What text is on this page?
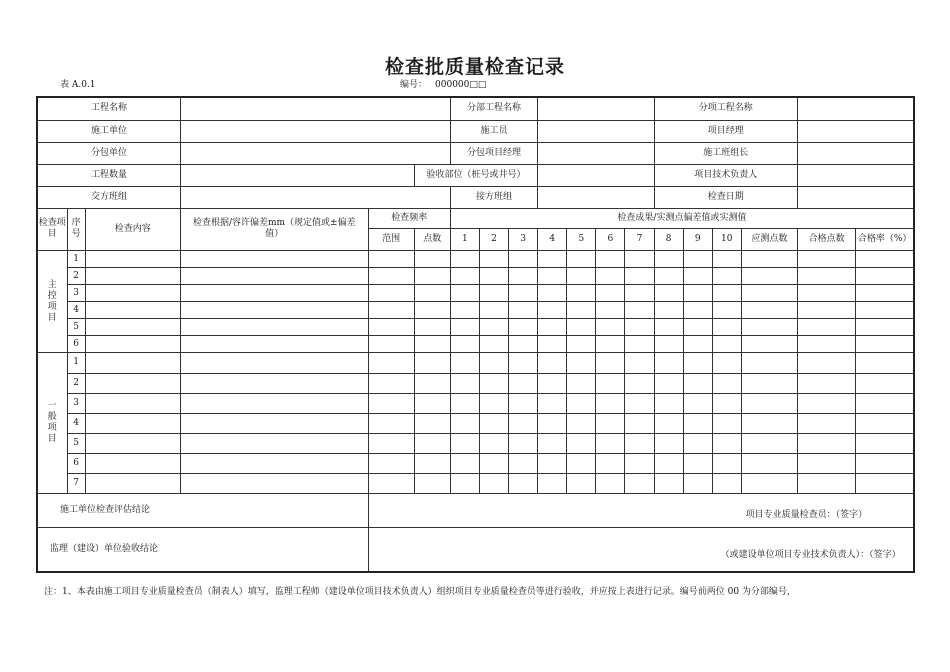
检查批质量检查记录
表 A.0.1	编号： 000000□□
工程名称						分部工程名称							分项工程名称					
施工单位						施工员							项目经理					
分包单位						分包项目经理							施工班组长					
工程数量					验收部位（桩号或井号）								项目技术负责人					
交方班组						接方班组							检查日期					
检查项目	序号	检查内容	检查根据/容许偏差mm（规定值或±偏差值）	检查频率		检查成果/实测点偏差值或实测值												
				范围	点数	1	2	3	4	5	6	7	8	9	10	应测点数	合格点数	合格率（%）
主控项目	1																	
	2																	
	3																	
	4																	
	5																	
	6																	
一般项目	1																	
	2																	
	3																	
	4																	
	5																	
	6																	
	7																	
施工单位检查评估结论				项目专业质量检查员：（签字）														

监理（建设）单位验收结论				（或建设单位项目专业技术负责人）：（签字）														
注：1、本表由施工项目专业质量检查员（制表人）填写，监理工程师（建设单位项目技术负责人）组织项目专业质量检查员等进行验收，并应按上表进行记录。编号前两位 00 为分部编号，
